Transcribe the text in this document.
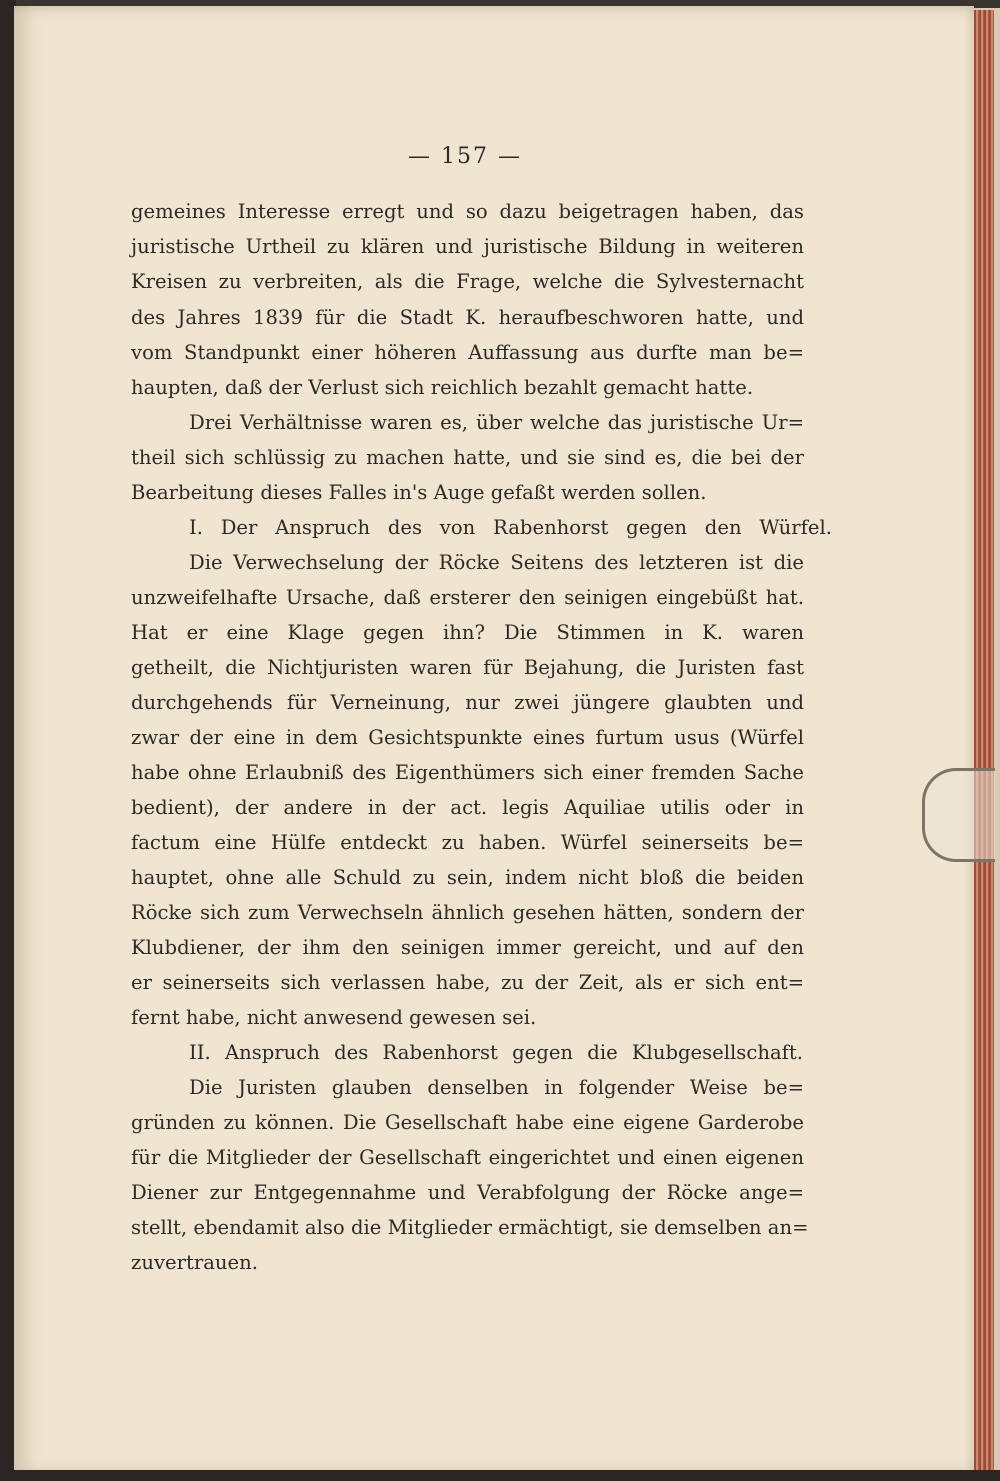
— 157 —
gemeines Interesse erregt und so dazu beigetragen haben, das
juristische Urtheil zu klären und juristische Bildung in weiteren
Kreisen zu verbreiten, als die Frage, welche die Sylvesternacht
des Jahres 1839 für die Stadt K. heraufbeschworen hatte, und
vom Standpunkt einer höheren Auffassung aus durfte man be=
haupten, daß der Verlust sich reichlich bezahlt gemacht hatte.
Drei Verhältnisse waren es, über welche das juristische Ur=
theil sich schlüssig zu machen hatte, und sie sind es, die bei der
Bearbeitung dieses Falles in's Auge gefaßt werden sollen.
I. Der Anspruch des von Rabenhorst gegen den Würfel.
Die Verwechselung der Röcke Seitens des letzteren ist die
unzweifelhafte Ursache, daß ersterer den seinigen eingebüßt hat.
Hat er eine Klage gegen ihn? Die Stimmen in K. waren
getheilt, die Nichtjuristen waren für Bejahung, die Juristen fast
durchgehends für Verneinung, nur zwei jüngere glaubten und
zwar der eine in dem Gesichtspunkte eines furtum usus (Würfel
habe ohne Erlaubniß des Eigenthümers sich einer fremden Sache
bedient), der andere in der act. legis Aquiliae utilis oder in
factum eine Hülfe entdeckt zu haben. Würfel seinerseits be=
hauptet, ohne alle Schuld zu sein, indem nicht bloß die beiden
Röcke sich zum Verwechseln ähnlich gesehen hätten, sondern der
Klubdiener, der ihm den seinigen immer gereicht, und auf den
er seinerseits sich verlassen habe, zu der Zeit, als er sich ent=
fernt habe, nicht anwesend gewesen sei.
II. Anspruch des Rabenhorst gegen die Klubgesellschaft.
Die Juristen glauben denselben in folgender Weise be=
gründen zu können. Die Gesellschaft habe eine eigene Garderobe
für die Mitglieder der Gesellschaft eingerichtet und einen eigenen
Diener zur Entgegennahme und Verabfolgung der Röcke ange=
stellt, ebendamit also die Mitglieder ermächtigt, sie demselben an=
zuvertrauen.
